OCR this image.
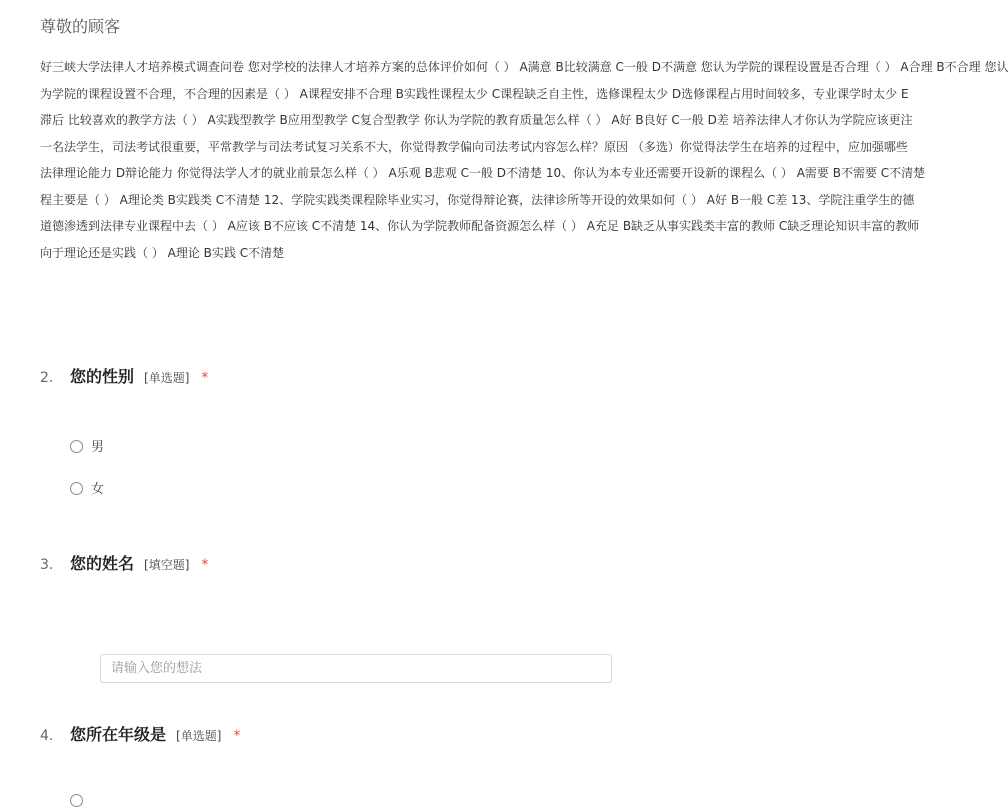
尊敬的顾客
好三峡大学法律人才培养模式调查问卷 您对学校的法律人才培养方案的总体评价如何（ ） A满意 B比较满意 C一般 D不满意 您认为学院的课程设置是否合理（ ） A合理 B不合理 您认
为学院的课程设置不合理，不合理的因素是（ ） A课程安排不合理 B实践性课程太少 C课程缺乏自主性，选修课程太少 D选修课程占用时间较多，专业课学时太少 E
滞后 比较喜欢的教学方法（ ） A实践型教学 B应用型教学 C复合型教学 你认为学院的教育质量怎么样（ ） A好 B良好 C一般 D差 培养法律人才你认为学院应该更注
一名法学生，司法考试很重要，平常教学与司法考试复习关系不大，你觉得教学偏向司法考试内容怎么样？原因 （多选）你觉得法学生在培养的过程中，应加强哪些
法律理论能力 D辩论能力 你觉得法学人才的就业前景怎么样（ ） A乐观 B悲观 C一般 D不清楚 10、你认为本专业还需要开设新的课程么（ ） A需要 B不需要 C不清楚
程主要是（ ） A理论类 B实践类 C不清楚 12、学院实践类课程除毕业实习，你觉得辩论赛，法律诊所等开设的效果如何（ ） A好 B一般 C差 13、学院注重学生的德
道德渗透到法律专业课程中去（ ） A应该 B不应该 C不清楚 14、你认为学院教师配备资源怎么样（ ） A充足 B缺乏从事实践类丰富的教师 C缺乏理论知识丰富的教师
向于理论还是实践（ ） A理论 B实践 C不清楚
2. 您的性别 [单选题] *
男
女
3. 您的姓名 [填空题] *
请输入您的想法
4. 您所在年级是 [单选题] *
